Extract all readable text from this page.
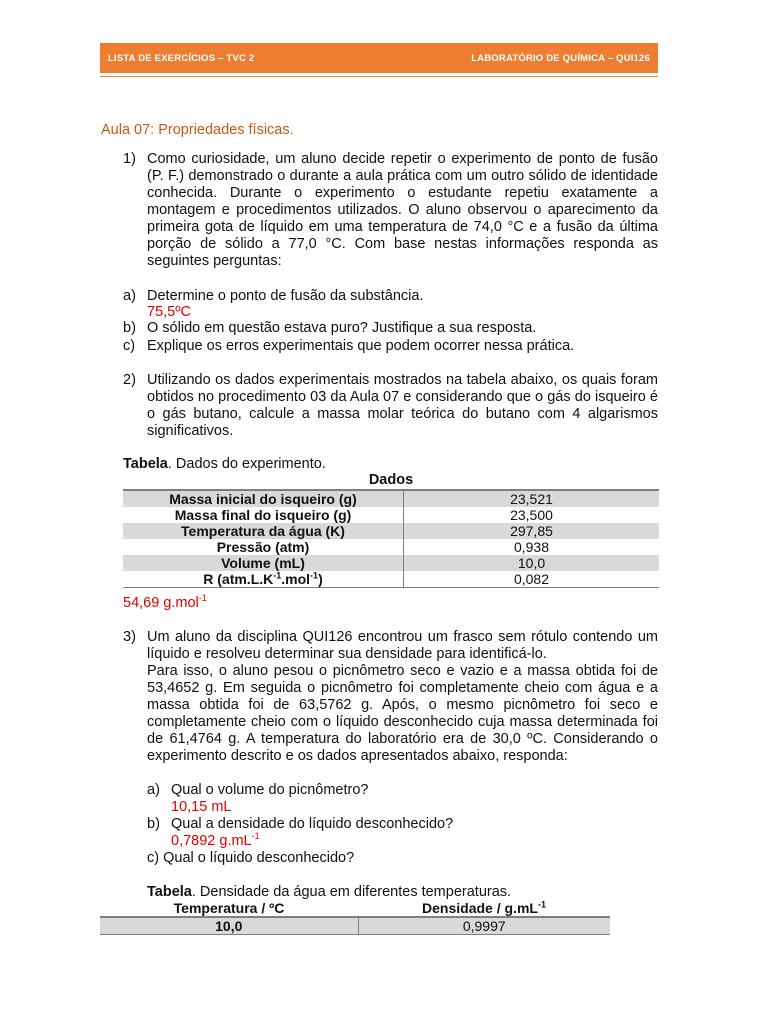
LISTA DE EXERCÍCIOS – TVC 2	LABORATÓRIO DE QUÍMICA – QUI126
Aula 07: Propriedades físicas.
1) Como curiosidade, um aluno decide repetir o experimento de ponto de fusão (P. F.) demonstrado o durante a aula prática com um outro sólido de identidade conhecida. Durante o experimento o estudante repetiu exatamente a montagem e procedimentos utilizados. O aluno observou o aparecimento da primeira gota de líquido em uma temperatura de 74,0 °C e a fusão da última porção de sólido a 77,0 °C. Com base nestas informações responda as seguintes perguntas:
a) Determine o ponto de fusão da substância.
75,5ºC
b) O sólido em questão estava puro? Justifique a sua resposta.
c) Explique os erros experimentais que podem ocorrer nessa prática.
2) Utilizando os dados experimentais mostrados na tabela abaixo, os quais foram obtidos no procedimento 03 da Aula 07 e considerando que o gás do isqueiro é o gás butano, calcule a massa molar teórica do butano com 4 algarismos significativos.
Tabela. Dados do experimento.
Dados
Massa inicial do isqueiro (g)	23,521
Massa final do isqueiro (g)	23,500
Temperatura da água (K)	297,85
Pressão (atm)	0,938
Volume (mL)	10,0
R $(atm.L.K^{-1}.mol^{-1})$	0,082
54,69 g.mol$^{-1}$
3) Um aluno da disciplina QUI126 encontrou um frasco sem rótulo contendo um líquido e resolveu determinar sua densidade para identificá-lo.
Para isso, o aluno pesou o picnômetro seco e vazio e a massa obtida foi de 53,4652 g. Em seguida o picnômetro foi completamente cheio com água e a massa obtida foi de 63,5762 g. Após, o mesmo picnômetro foi seco e completamente cheio com o líquido desconhecido cuja massa determinada foi de 61,4764 g. A temperatura do laboratório era de 30,0 ºC. Considerando o experimento descrito e os dados apresentados abaixo, responda:
a) Qual o volume do picnômetro?
10,15 mL
b) Qual a densidade do líquido desconhecido?
0,7892 $g.mL^{-1}$
c) Qual o líquido desconhecido?
Tabela. Densidade da água em diferentes temperaturas.
Temperatura / ºC	Densidade / $g.mL^{-1}$
10,0	0,9997
